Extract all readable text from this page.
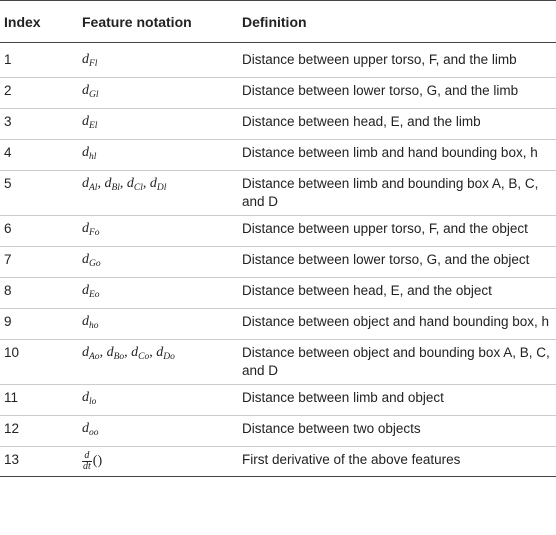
Index	Feature notation	Definition
1	$d_{Fl}$	Distance between upper torso, F, and the limb
2	$d_{Gl}$	Distance between lower torso, G, and the limb
3	$d_{El}$	Distance between head, E, and the limb
4	$d_{hl}$	Distance between limb and hand bounding box, h
5	$d_{Al}$, $d_{Bl}$, $d_{Cl}$, $d_{Dl}$	Distance between limb and bounding box A, B, C, and D
6	$d_{Fo}$	Distance between upper torso, F, and the object
7	$d_{Go}$	Distance between lower torso, G, and the object
8	$d_{Eo}$	Distance between head, E, and the object
9	$d_{ho}$	Distance between object and hand bounding box, h
10	$d_{Ao}$, $d_{Bo}$, $d_{Co}$, $d_{Do}$	Distance between object and bounding box A, B, C, and D
11	$d_{lo}$	Distance between limb and object
12	$d_{oo}$	Distance between two objects
13	$\frac{d}{dt}$ ()	First derivative of the above features
